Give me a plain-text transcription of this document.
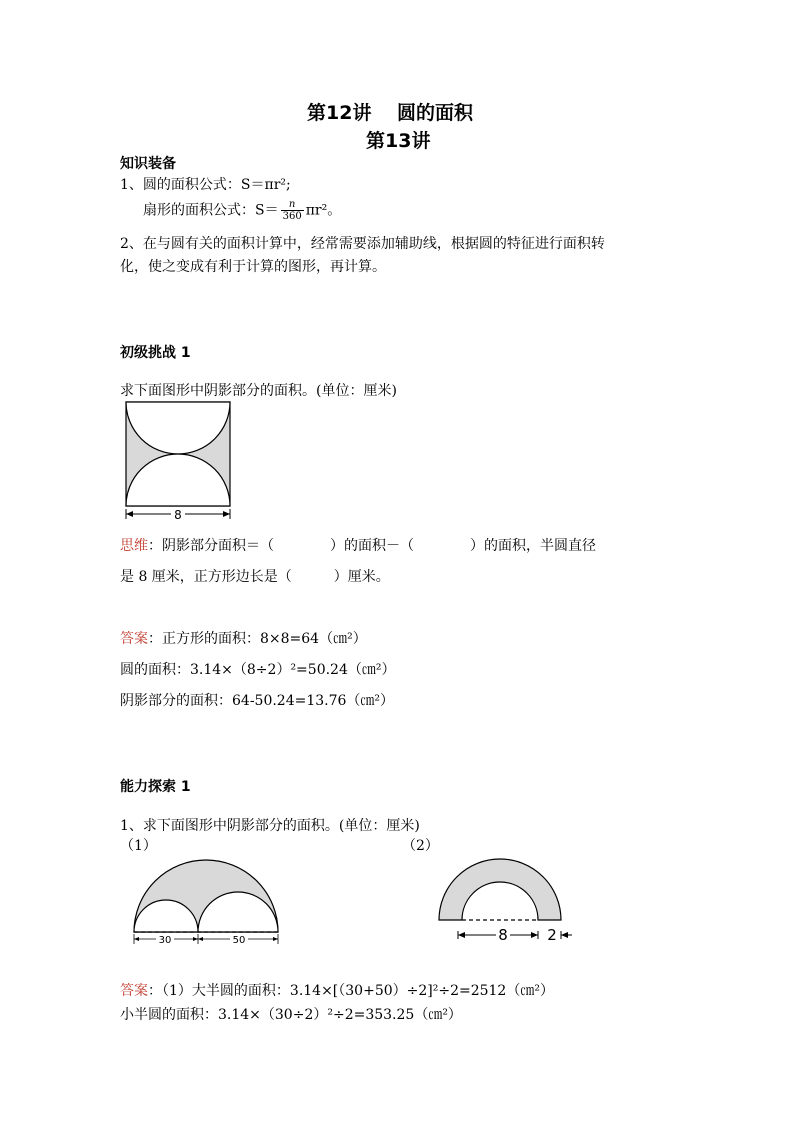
第12讲　 圆的面积
第13讲
知识装备
1、圆的面积公式：S＝πr²;
扇形的面积公式：$S= \frac{n}{360} \pi r^2$。
2、在与圆有关的面积计算中，经常需要添加辅助线，根据圆的特征进行面积转
化，使之变成有利于计算的图形，再计算。
初级挑战 1
求下面图形中阴影部分的面积。(单位：厘米)
8
思维：阴影部分面积＝（　　　　）的面积－（　　　　）的面积，半圆直径
是 8 厘米，正方形边长是（　　　）厘米。
答案：正方形的面积：8×8=64（㎝²）
圆的面积：3.14×（8÷2）²=50.24（㎝²）
阴影部分的面积：64-50.24=13.76（㎝²）
能力探索 1
1、求下面图形中阴影部分的面积。(单位：厘米)
（1）	（2）
30	50	8	2
答案：（1）大半圆的面积：3.14×[（30+50）÷2]²÷2=2512（㎝²）
小半圆的面积：3.14×（30÷2）²÷2=353.25（㎝²）
